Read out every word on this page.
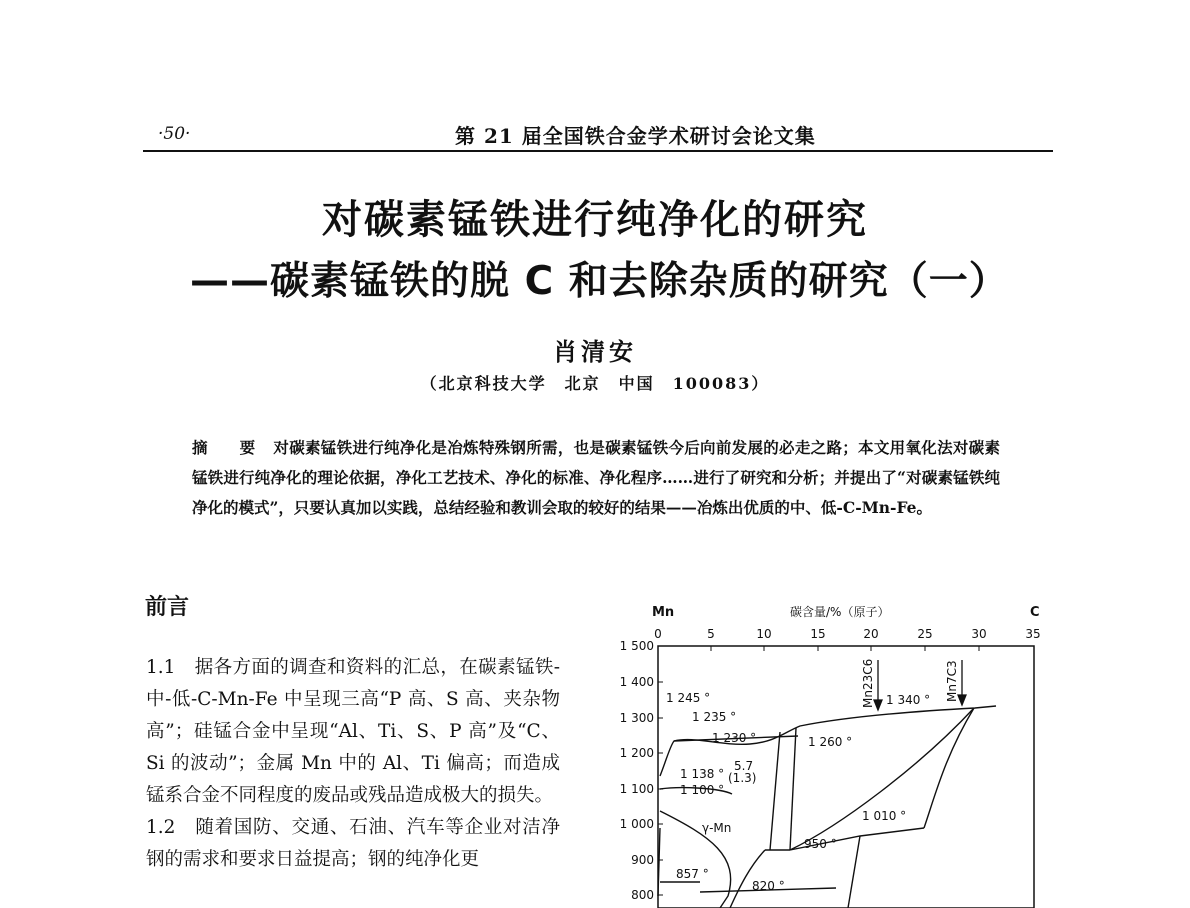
·50·	第 21 届全国铁合金学术研讨会论文集
对碳素锰铁进行纯净化的研究
——碳素锰铁的脱 C 和去除杂质的研究（一）
肖清安
（北京科技大学　北京　中国　100083）
摘　要 对碳素锰铁进行纯净化是冶炼特殊钢所需，也是碳素锰铁今后向前发展的必走之路；本文用氧化法对碳素锰铁进行纯净化的理论依据，净化工艺技术、净化的标准、净化程序……进行了研究和分析；并提出了“对碳素锰铁纯净化的模式”，只要认真加以实践，总结经验和教训会取的较好的结果——冶炼出优质的中、低-C-Mn-Fe。
前言

1.1　据各方面的调查和资料的汇总，在碳素锰铁-中-低-C-Mn-Fe 中呈现三高“P 高、S 高、夹杂物高”；硅锰合金中呈现“Al、Ti、S、P 高”及“C、Si 的波动”；金属 Mn 中的 Al、Ti 偏高；而造成锰系合金不同程度的废品或残品造成极大的损失。

1.2　随着国防、交通、石油、汽车等企业对洁净钢的需求和要求日益提高；钢的纯净化更

Mn	C
碳含量/%（原子）
0	5	10	15	20	25	30	35
1 500
1 400
1 300
1 200
1 100
1 000
900
800
Mn23C6	Mn7C3
1 245 °
1 235 °
1 230 °
1 340 °
1 260 °
1 138 °
5.7
(1.3)
1 100 °
γ-Mn
1 010 °
950 °
857 °
820 °
